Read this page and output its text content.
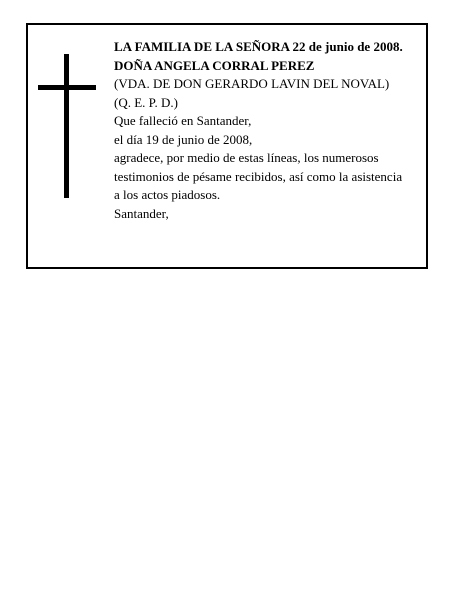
LA FAMILIA DE LA SEÑORA 22 de junio de 2008.
DOÑA ANGELA CORRAL PEREZ
(VDA. DE DON GERARDO LAVIN DEL NOVAL)
(Q. E. P. D.)
Que falleció en Santander,
el día 19 de junio de 2008,
agradece, por medio de estas líneas, los numerosos
testimonios de pésame recibidos, así como la asistencia
a los actos piadosos.
Santander,
